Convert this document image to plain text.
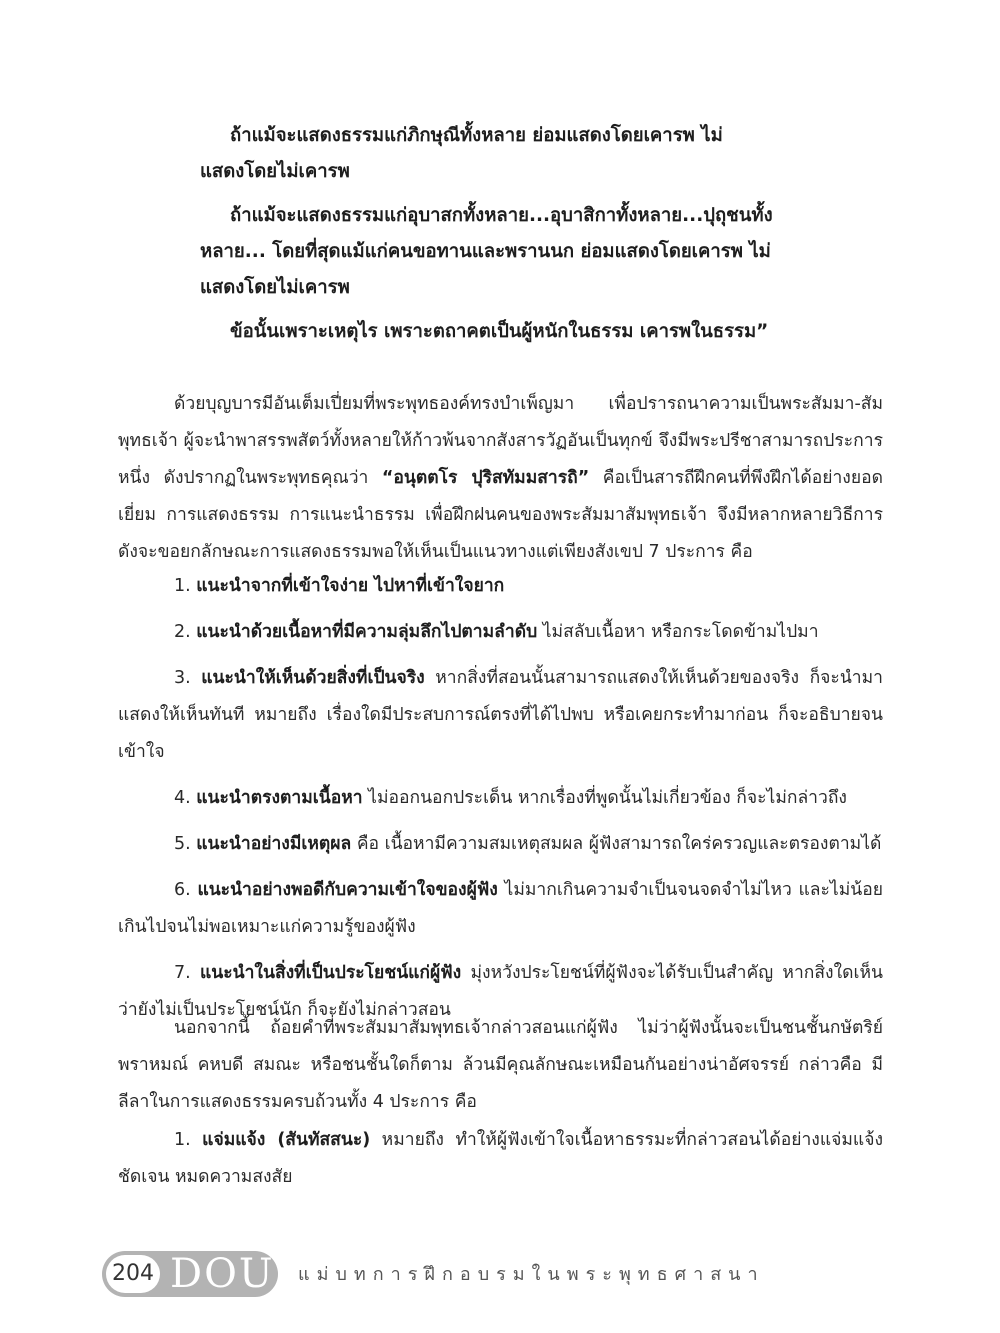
ถ้าแม้จะแสดงธรรมแก่ภิกษุณีทั้งหลาย ย่อมแสดงโดยเคารพ ไม่
แสดงโดยไม่เคารพ

ถ้าแม้จะแสดงธรรมแก่อุบาสกทั้งหลาย...อุบาสิกาทั้งหลาย...ปุถุชนทั้ง
หลาย... โดยที่สุดแม้แก่คนขอทานและพรานนก ย่อมแสดงโดยเคารพ ไม่
แสดงโดยไม่เคารพ

ข้อนั้นเพราะเหตุไร เพราะตถาคตเป็นผู้หนักในธรรม เคารพในธรรม”

ด้วยบุญบารมีอันเต็มเปี่ยมที่พระพุทธองค์ทรงบำเพ็ญมา เพื่อปรารถนาความเป็นพระสัมมา-สัมพุทธเจ้า ผู้จะนำพาสรรพสัตว์ทั้งหลายให้ก้าวพ้นจากสังสารวัฏอันเป็นทุกข์ จึงมีพระปรีชาสามารถประการหนึ่ง ดังปรากฏในพระพุทธคุณว่า “อนุตตโร ปุริสทัมมสารถิ” คือเป็นสารถีฝึกคนที่พึงฝึกได้อย่างยอดเยี่ยม การแสดงธรรม การแนะนำธรรม เพื่อฝึกฝนคนของพระสัมมาสัมพุทธเจ้า จึงมีหลากหลายวิธีการ ดังจะขอยกลักษณะการแสดงธรรมพอให้เห็นเป็นแนวทางแต่เพียงสังเขป 7 ประการ คือ

1. แนะนำจากที่เข้าใจง่าย ไปหาที่เข้าใจยาก

2. แนะนำด้วยเนื้อหาที่มีความลุ่มลึกไปตามลำดับ ไม่สลับเนื้อหา หรือกระโดดข้ามไปมา

3. แนะนำให้เห็นด้วยสิ่งที่เป็นจริง หากสิ่งที่สอนนั้นสามารถแสดงให้เห็นด้วยของจริง ก็จะนำมาแสดงให้เห็นทันที หมายถึง เรื่องใดมีประสบการณ์ตรงที่ได้ไปพบ หรือเคยกระทำมาก่อน ก็จะอธิบายจนเข้าใจ

4. แนะนำตรงตามเนื้อหา ไม่ออกนอกประเด็น หากเรื่องที่พูดนั้นไม่เกี่ยวข้อง ก็จะไม่กล่าวถึง

5. แนะนำอย่างมีเหตุผล คือ เนื้อหามีความสมเหตุสมผล ผู้ฟังสามารถใคร่ครวญและตรองตามได้

6. แนะนำอย่างพอดีกับความเข้าใจของผู้ฟัง ไม่มากเกินความจำเป็นจนจดจำไม่ไหว และไม่น้อยเกินไปจนไม่พอเหมาะแก่ความรู้ของผู้ฟัง

7. แนะนำในสิ่งที่เป็นประโยชน์แก่ผู้ฟัง มุ่งหวังประโยชน์ที่ผู้ฟังจะได้รับเป็นสำคัญ หากสิ่งใดเห็นว่ายังไม่เป็นประโยชน์นัก ก็จะยังไม่กล่าวสอน

นอกจากนี้ ถ้อยคำที่พระสัมมาสัมพุทธเจ้ากล่าวสอนแก่ผู้ฟัง ไม่ว่าผู้ฟังนั้นจะเป็นชนชั้นกษัตริย์พราหมณ์ คหบดี สมณะ หรือชนชั้นใดก็ตาม ล้วนมีคุณลักษณะเหมือนกันอย่างน่าอัศจรรย์ กล่าวคือ มีลีลาในการแสดงธรรมครบถ้วนทั้ง 4 ประการ คือ

1. แจ่มแจ้ง (สันทัสสนะ) หมายถึง ทำให้ผู้ฟังเข้าใจเนื้อหาธรรมะที่กล่าวสอนได้อย่างแจ่มแจ้งชัดเจน หมดความสงสัย

204 DOU แม่บทการฝึกอบรมในพระพุทธศาสนา
